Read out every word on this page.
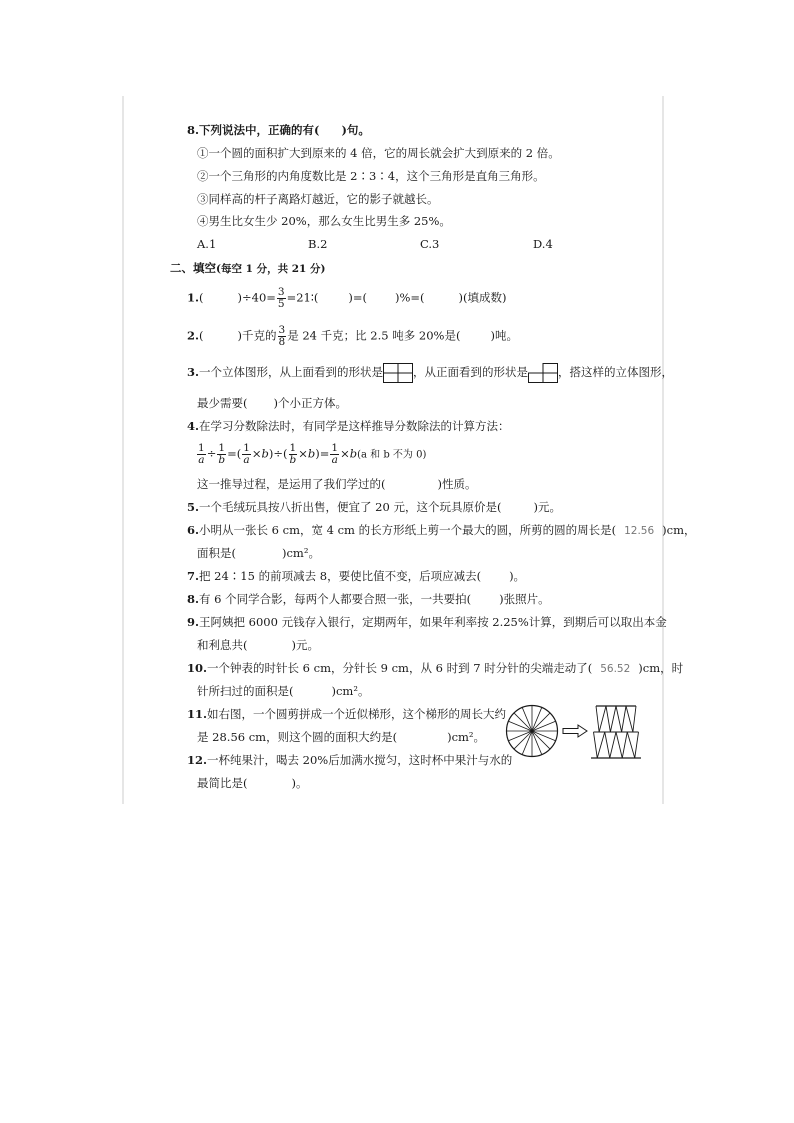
8.下列说法中，正确的有( )句。
①一个圆的面积扩大到原来的 4 倍，它的周长就会扩大到原来的 2 倍。
②一个三角形的内角度数比是 2∶3∶4，这个三角形是直角三角形。
③同样高的杆子离路灯越近，它的影子就越长。
④男生比女生少 20%，那么女生比男生多 25%。
A.1	B.2	C.3	D.4
二、填空(每空 1 分，共 21 分)
1.(	)$\div 40= \frac{3}{5}$ =21∶(	)=( )%=(	)(填成数)
2.(	)千克的 $\frac{3}{8}$ 是 24 千克；比 2.5 吨多 20%是(	)吨。
3.一个立体图形，从上面看到的形状是	，从正面看到的形状是	，搭这样的立体图形，
最少需要( )个小正方体。
4.在学习分数除法时，有同学是这样推导分数除法的计算方法：
$\frac{1}{a} \div \frac{1}{b}$ =( $\frac{1}{a} \times b)\div( \frac{1}{b} \times b)= \frac{1}{a} \times b(a$ 和 b 不为 0)
这一推导过程，是运用了我们学过的(	)性质。
5.一个毛绒玩具按八折出售，便宜了 20 元，这个玩具原价是(	)元。
6.小明从一张长 6 cm，宽 4 cm 的长方形纸上剪一个最大的圆，所剪的圆的周长是( 12.56 )cm，
面积是(	)cm²。
7.把 24∶15 的前项减去 8，要使比值不变，后项应减去( )。
8.有 6 个同学合影，每两个人都要合照一张，一共要拍( )张照片。
9.王阿姨把 6000 元钱存入银行，定期两年，如果年利率按 2.25%计算，到期后可以取出本金
和利息共(	)元。
10.一个钟表的时针长 6 cm，分针长 9 cm，从 6 时到 7 时分针的尖端走动了( 56.52 )cm，时
针所扫过的面积是(	)cm²。
11.如右图，一个圆剪拼成一个近似梯形，这个梯形的周长大约
是 28.56 cm，则这个圆的面积大约是(	)cm²。
12.一杯纯果汁，喝去 20%后加满水搅匀，这时杯中果汁与水的
最简比是(	)。
